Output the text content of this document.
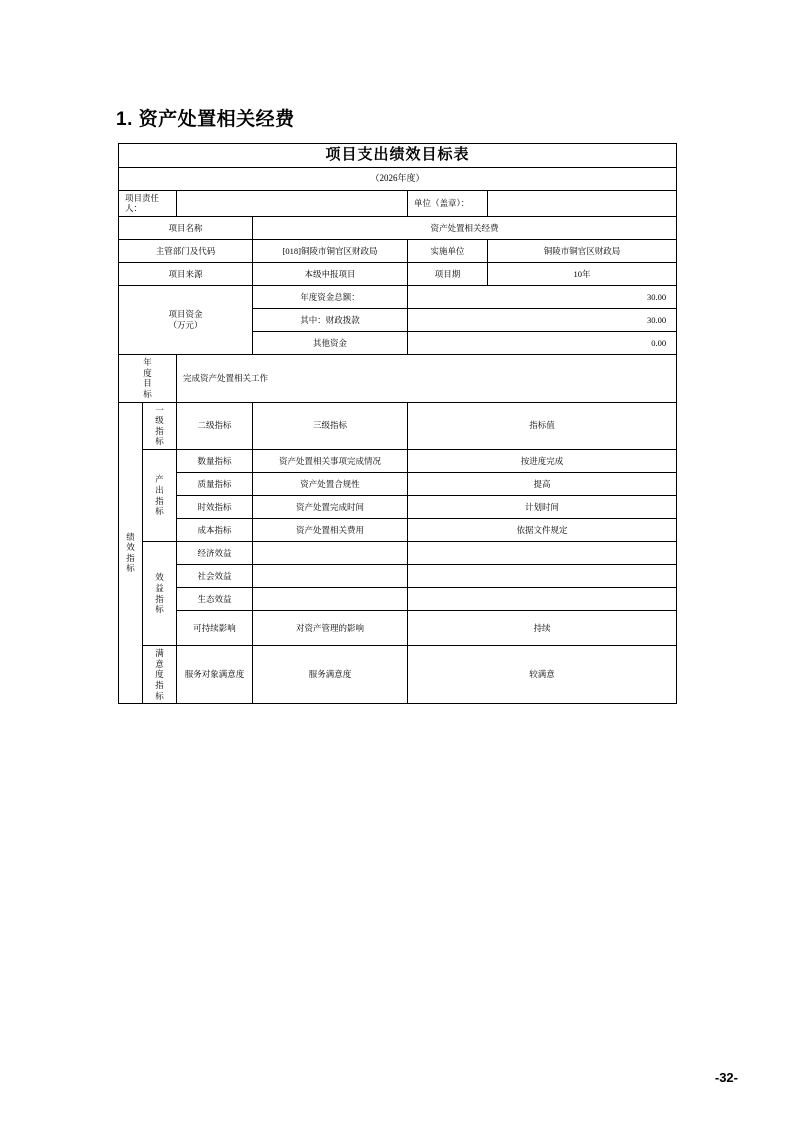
1. 资产处置相关经费
项目支出绩效目标表					
（2026年度）					
项目责任人：				单位（盖章）：	
项目名称			资产处置相关经费		
主管部门及代码			[018]铜陵市铜官区财政局	实施单位	铜陵市铜官区财政局
项目来源			本级申报项目	项目期	10年

项目资金
（万元）			年度资金总额：	30.00	
			其中：财政拨款	30.00	
			其他资金	0.00	

年度目标		完成资产处置相关工作			

绩效指标	一级指标	二级指标	三级指标	指标值	

	产出指标	数量指标	资产处置相关事项完成情况	按进度完成	
		质量指标	资产处置合规性	提高	
		时效指标	资产处置完成时间	计划时间	
		成本指标	资产处置相关费用	依据文件规定	

	效益指标	经济效益			
		社会效益			
		生态效益			
		可持续影响	对资产管理的影响	持续	

	满意度指标	服务对象满意度	服务满意度	较满意	
-32-
